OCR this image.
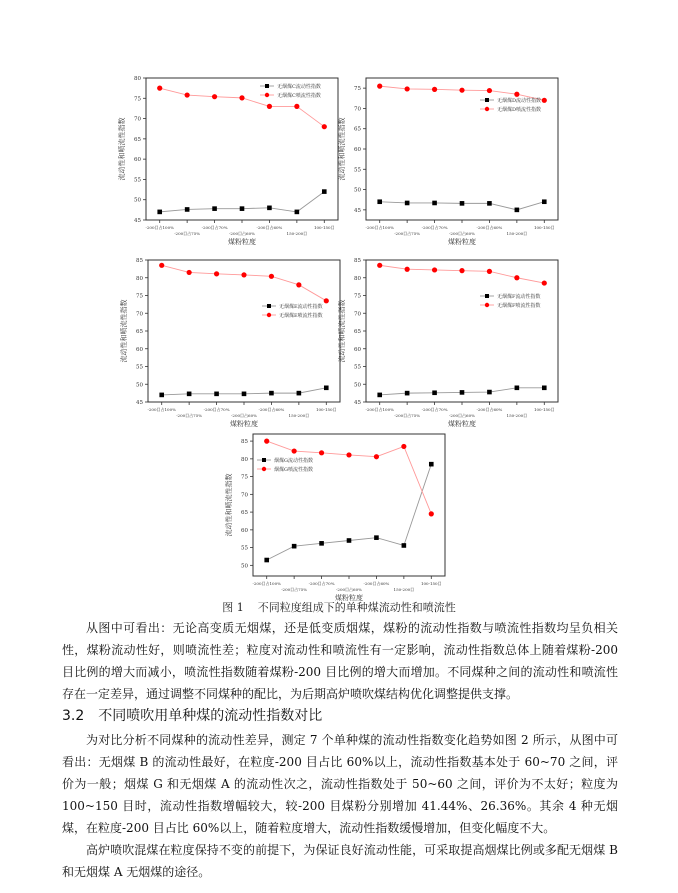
45
50
55
60
65
70
75
80
-200目占100%
-200目占75%
-200目占70%
-200目占60%
-200目占60%
150-200目
100-150目
煤粉粒度
流动性和喷流性指数
无烟煤C流动性指数
无烟煤C喷流性指数
45
50
55
60
65
70
75
-200目占100%
-200目占75%
-200目占70%
-200目占60%
-200目占60%
150-200目
100-150目
煤粉粒度
流动性和喷流性指数
无烟煤D流动性指数
无烟煤D喷流性指数
45
50
55
60
65
70
75
80
85
-200目占100%
-200目占75%
-200目占70%
-200目占60%
-200目占60%
150-200目
100-150目
煤粉粒度
流动性和喷流性指数	无烟煤E流动性指数
无烟煤E喷流性指数
45
50
55
60
65
70
75
80
85
-200目占100%
-200目占75%
-200目占70%
-200目占60%
-200目占60%
150-200目
100-150目
煤粉粒度
流动性和喷流性指数
无烟煤F流动性指数
无烟煤F喷流性指数
50
55
60
65
70
75
80
85
-200目占100%
-200目占75%
-200目占70%
-200目占60%
-200目占60%
150-200目
100-150目
煤粉粒度
流动性和喷流性指数
烟煤G流动性指数
烟煤G喷流性指数
图 1 不同粒度组成下的单种煤流动性和喷流性
从图中可看出：无论高变质无烟煤，还是低变质烟煤，煤粉的流动性指数与喷流性指数均呈负相关性，煤粉流动性好，则喷流性差；粒度对流动性和喷流性有一定影响，流动性指数总体上随着煤粉-200 目比例的增大而减小，喷流性指数随着煤粉-200 目比例的增大而增加。不同煤种之间的流动性和喷流性存在一定差异，通过调整不同煤种的配比，为后期高炉喷吹煤结构优化调整提供支撑。
3.2 不同喷吹用单种煤的流动性指数对比
为对比分析不同煤种的流动性差异，测定 7 个单种煤的流动性指数变化趋势如图 2 所示，从图中可看出：无烟煤 B 的流动性最好，在粒度-200 目占比 60%以上，流动性指数基本处于 60~70 之间，评价为一般；烟煤 G 和无烟煤 A 的流动性次之，流动性指数处于 50~60 之间，评价为不太好；粒度为 100~150 目时，流动性指数增幅较大，较-200 目煤粉分别增加 41.44%、26.36%。其余 4 种无烟煤，在粒度-200 目占比 60%以上，随着粒度增大，流动性指数缓慢增加，但变化幅度不大。
高炉喷吹混煤在粒度保持不变的前提下，为保证良好流动性能，可采取提高烟煤比例或多配无烟煤 B 和无烟煤 A 无烟煤的途径。
